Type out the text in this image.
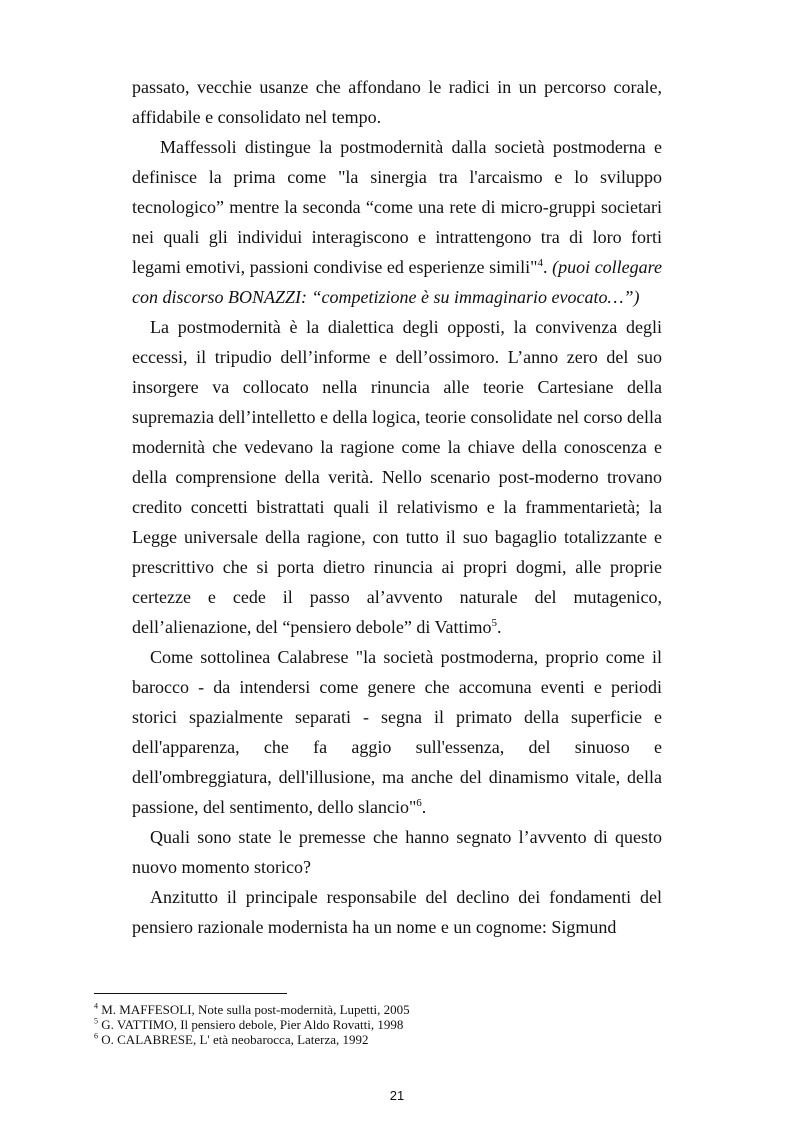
passato, vecchie usanze che affondano le radici in un percorso corale, affidabile e consolidato nel tempo.

Maffessoli distingue la postmodernità dalla società postmoderna e definisce la prima come "la sinergia tra l'arcaismo e lo sviluppo tecnologico” mentre la seconda “come una rete di micro-gruppi societari nei quali gli individui interagiscono e intrattengono tra di loro forti legami emotivi, passioni condivise ed esperienze simili"$^4$. (puoi collegare con discorso BONAZZI: “competizione è su immaginario evocato…”)

La postmodernità è la dialettica degli opposti, la convivenza degli eccessi, il tripudio dell’informe e dell’ossimoro. L’anno zero del suo insorgere va collocato nella rinuncia alle teorie Cartesiane della supremazia dell’intelletto e della logica, teorie consolidate nel corso della modernità che vedevano la ragione come la chiave della conoscenza e della comprensione della verità. Nello scenario post-moderno trovano credito concetti bistrattati quali il relativismo e la frammentarietà; la Legge universale della ragione, con tutto il suo bagaglio totalizzante e prescrittivo che si porta dietro rinuncia ai propri dogmi, alle proprie certezze e cede il passo al’avvento naturale del mutagenico, dell’alienazione, del “pensiero debole” di Vattimo$^5$.

Come sottolinea Calabrese "la società postmoderna, proprio come il barocco - da intendersi come genere che accomuna eventi e periodi storici spazialmente separati - segna il primato della superficie e dell'apparenza, che fa aggio sull'essenza, del sinuoso e dell'ombreggiatura, dell'illusione, ma anche del dinamismo vitale, della passione, del sentimento, dello slancio"$^6$.

Quali sono state le premesse che hanno segnato l’avvento di questo nuovo momento storico?

Anzitutto il principale responsabile del declino dei fondamenti del pensiero razionale modernista ha un nome e un cognome: Sigmund

$^4$ M. MAFFESOLI, Note sulla post-modernità, Lupetti, 2005
$^5$ G. VATTIMO, Il pensiero debole, Pier Aldo Rovatti, 1998
$^6$ O. CALABRESE, L' età neobarocca, Laterza, 1992
21
